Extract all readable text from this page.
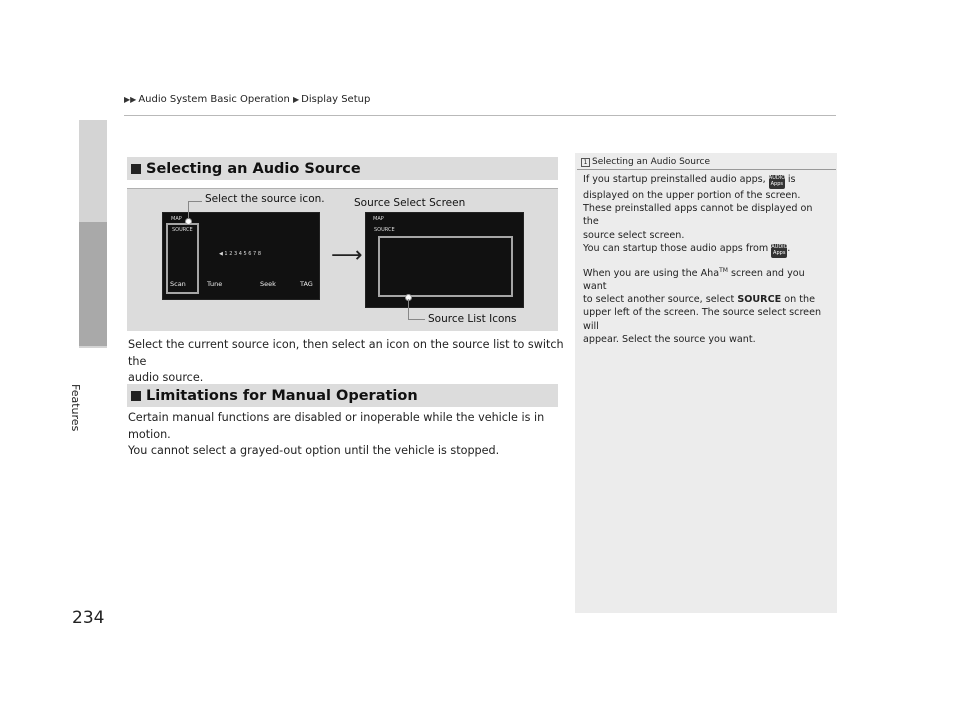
▶▶ Audio System Basic Operation ▶ Display Setup
Features
234
Selecting an Audio Source
MAP
SOURCE
◀ 1 2 3 4 5 6 7 8
Scan	Tune	Seek	TAG
Select the source icon.
⟶
Source Select Screen
MAP
SOURCE
Source List Icons
Select the current source icon, then select an icon on the source list to switch the
audio source.
Limitations for Manual Operation
Certain manual functions are disabled or inoperable while the vehicle is in motion.
You cannot select a grayed-out option until the vehicle is stopped.
1 Selecting an Audio Source
If you startup preinstalled audio apps, AUDIO
Apps is
displayed on the upper portion of the screen.
These preinstalled apps cannot be displayed on the
source select screen.
You can startup those audio apps from AUDIO
Apps .
When you are using the Aha™ screen and you want
to select another source, select SOURCE on the
upper left of the screen. The source select screen will
appear. Select the source you want.
